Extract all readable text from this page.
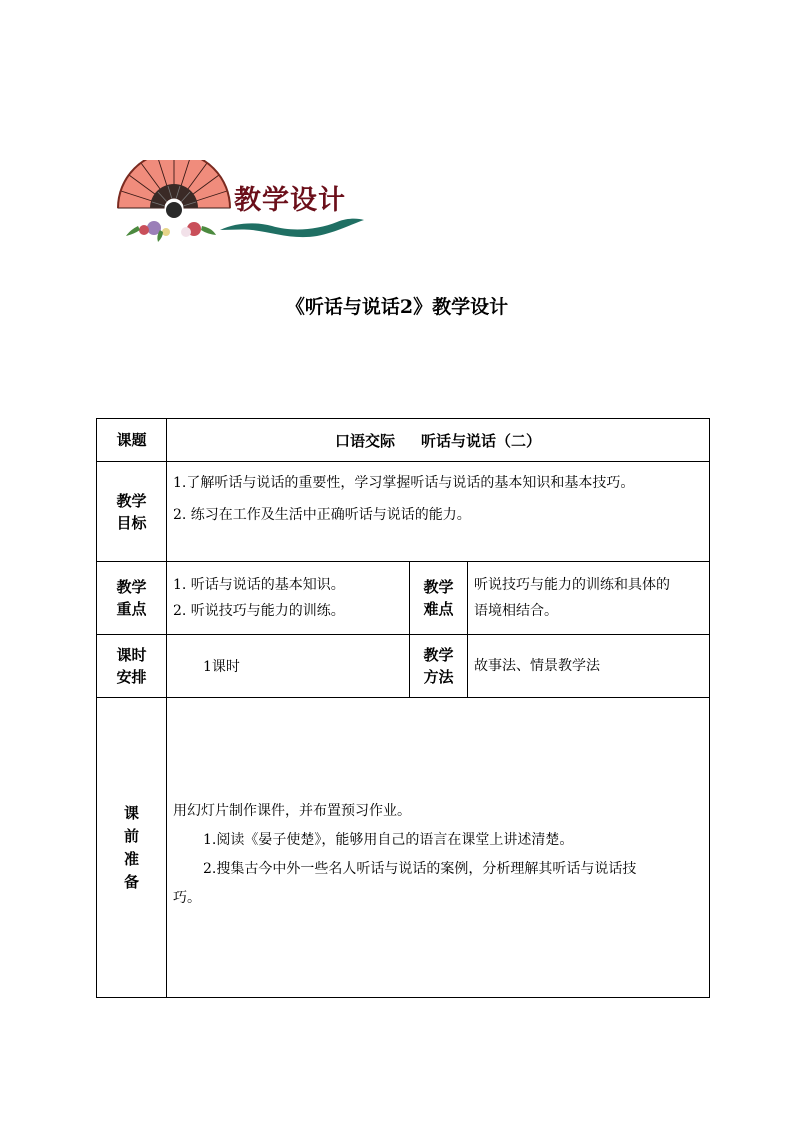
教学设计
《听话与说话2》教学设计
课题	口语交际 听话与说话（二）		

教学
目标	1.了解听话与说话的重要性，学习掌握听话与说话的基本知识和基本技巧。
2. 练习在工作及生活中正确听话与说话的能力。		

教学
重点	1. 听话与说话的基本知识。
2. 听说技巧与能力的训练。	教学
难点	听说技巧与能力的训练和具体的
语境相结合。

课时
安排	1课时	教学
方法	故事法、情景教学法

课
前
准
备	用幻灯片制作课件，并布置预习作业。
1.阅读《晏子使楚》，能够用自己的语言在课堂上讲述清楚。
2.搜集古今中外一些名人听话与说话的案例，分析理解其听话与说话技
巧。		
